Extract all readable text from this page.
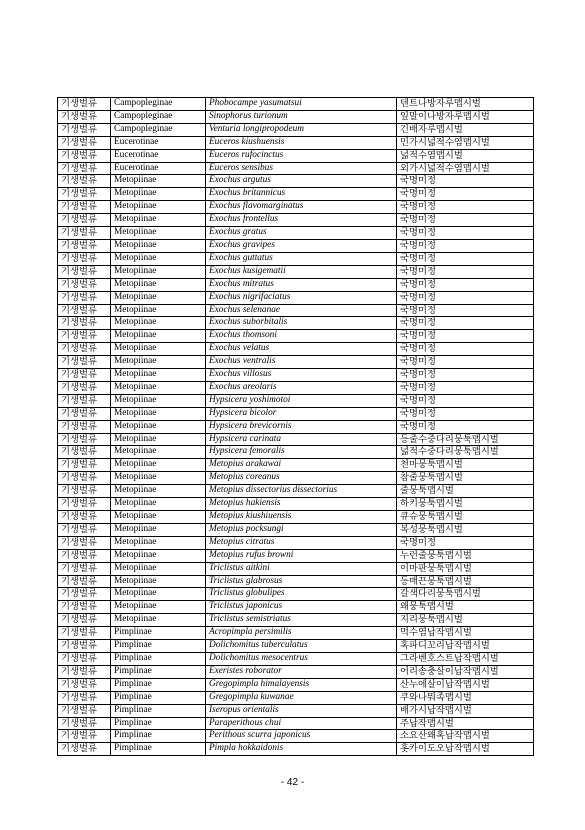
기생벌류	Campopleginae	Phobocampe yasumatsui	텐트나방자루맵시벌
기생벌류	Campopleginae	Sinophorus turionum	잎말이나방자루맵시벌
기생벌류	Campopleginae	Venturia longipropodeum	긴배자루맵시벌
기생벌류	Eucerotinae	Euceros kiushuensis	민가시넓적수염맵시벌
기생벌류	Eucerotinae	Euceros rufocinctus	넓적수염맵시벌
기생벌류	Eucerotinae	Euceros sensibus	외가시넓적수염맵시벌
기생벌류	Metopiinae	Exochus argutus	국명미정
기생벌류	Metopiinae	Exochus britannicus	국명미정
기생벌류	Metopiinae	Exochus flavomarginatus	국명미정
기생벌류	Metopiinae	Exochus frontellus	국명미정
기생벌류	Metopiinae	Exochus gratus	국명미정
기생벌류	Metopiinae	Exochus gravipes	국명미정
기생벌류	Metopiinae	Exochus guttatus	국명미정
기생벌류	Metopiinae	Exochus kusigematii	국명미정
기생벌류	Metopiinae	Exochus mitratus	국명미정
기생벌류	Metopiinae	Exochus nigrifaciatus	국명미정
기생벌류	Metopiinae	Exochus selenanae	국명미정
기생벌류	Metopiinae	Exochus suborbitalis	국명미정
기생벌류	Metopiinae	Exochus thomsoni	국명미정
기생벌류	Metopiinae	Exochus velatus	국명미정
기생벌류	Metopiinae	Exochus ventralis	국명미정
기생벌류	Metopiinae	Exochus villosus	국명미정
기생벌류	Metopiinae	Exochus areolaris	국명미정
기생벌류	Metopiinae	Hypsicera yoshimotoi	국명미정
기생벌류	Metopiinae	Hypsicera bicolor	국명미정
기생벌류	Metopiinae	Hypsicera brevicornis	국명미정
기생벌류	Metopiinae	Hypsicera carinata	등줄수중다리뭉툭맵시벌
기생벌류	Metopiinae	Hypsicera femoralis	넓적수중다리뭉툭맵시벌
기생벌류	Metopiinae	Metopius arakawai	천마뭉툭맵시벌
기생벌류	Metopiinae	Metopius coreanus	참줄뭉툭맵시벌
기생벌류	Metopiinae	Metopius dissectorius dissectorius	줄뭉툭맵시벌
기생벌류	Metopiinae	Metopius hakiensis	하키뭉툭맵시벌
기생벌류	Metopiinae	Metopius kiushiuensis	큐슈뭉툭맵시벌
기생벌류	Metopiinae	Metopius pocksungi	복성뭉툭맵시벌
기생벌류	Metopiinae	Metopius citratus	국명미정
기생벌류	Metopiinae	Metopius rufus browni	누런줄뭉툭맵시벌
기생벌류	Metopiinae	Triclistus aitkini	이마판뭉툭맵시벌
기생벌류	Metopiinae	Triclistus glabrosus	등매끈뭉툭맵시벌
기생벌류	Metopiinae	Triclistus globulipes	갈색다리뭉툭맵시벌
기생벌류	Metopiinae	Triclistus japonicus	왜뭉툭맵시벌
기생벌류	Metopiinae	Triclistus semistriatus	지리뭉툭맵시벌
기생벌류	Pimplinae	Acropimpla persimilis	먹수염납작맵시벌
기생벌류	Pimplinae	Dolichomitus tuberculatus	혹파디꼬리납작맵시벌
기생벌류	Pimplinae	Dolichomitus mesocentrus	그라벤호스트납작맵시벌
기생벌류	Pimplinae	Exeristes roborator	어리송충살이납작맵시벌
기생벌류	Pimplinae	Gregopimpla himalayensis	산누에살이납작맵시벌
기생벌류	Pimplinae	Gregopimpla kuwanae	쿠와나뭐족맵시벌
기생벌류	Pimplinae	Iseropus orientalis	배가시납작맵시벌
기생벌류	Pimplinae	Paraperithous chui	주납작맵시벌
기생벌류	Pimplinae	Perithous scurra japonicus	소요산왜혹납작맵시벌
기생벌류	Pimplinae	Pimpla hokkaidonis	홋카이도오납작맵시벌
- 42 -
